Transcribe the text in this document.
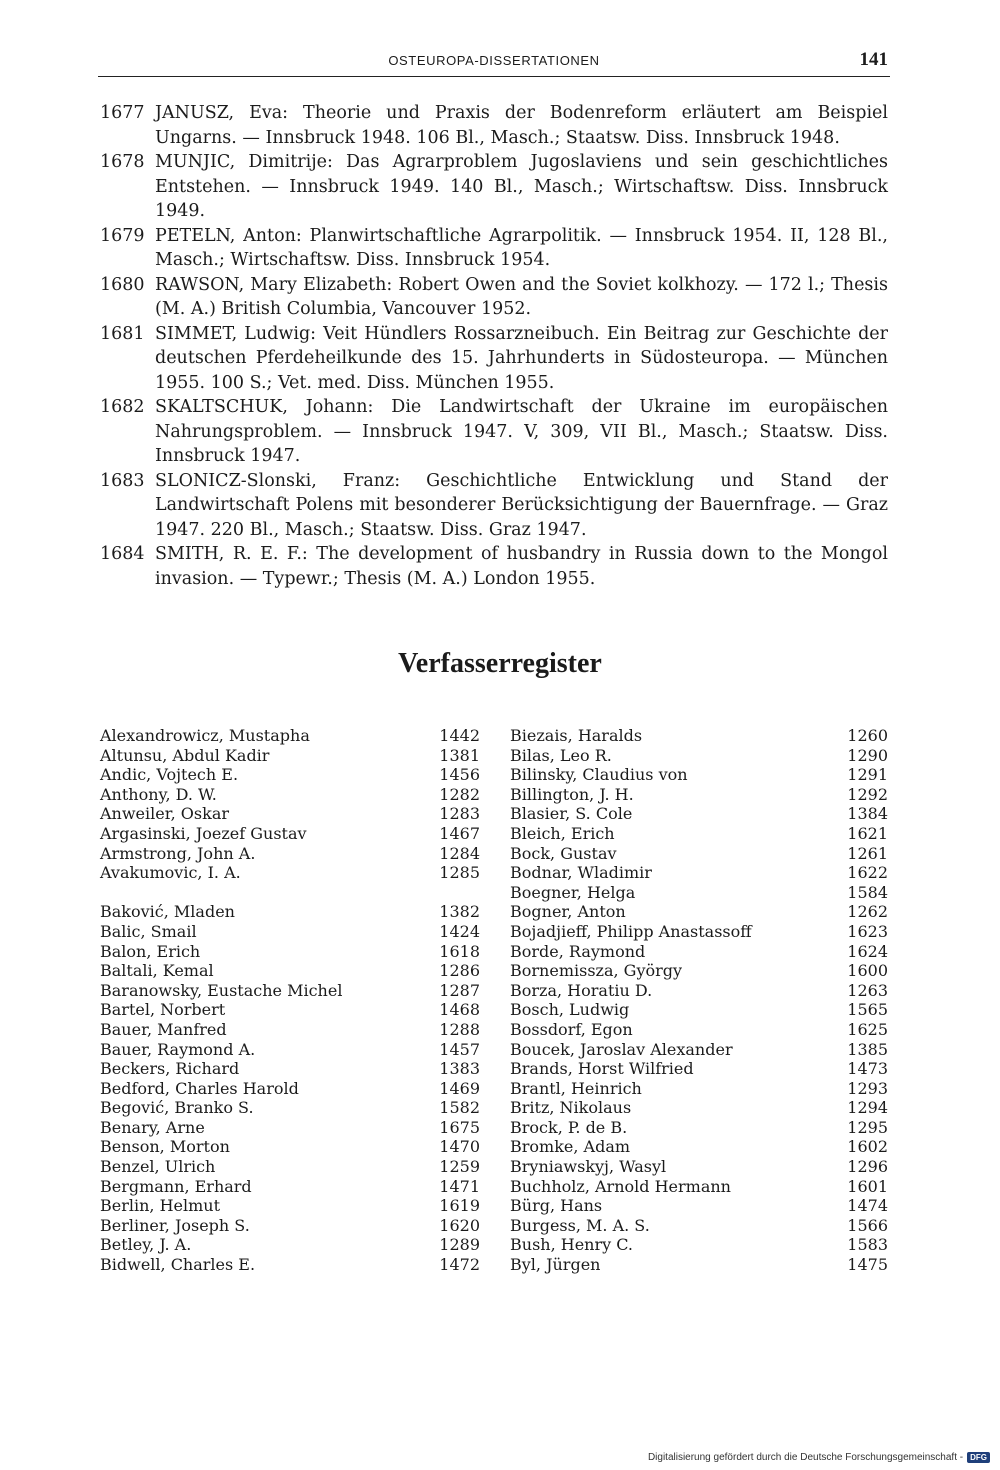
OSTEUROPA-DISSERTATIONEN	141
1677 JANUSZ, Eva: Theorie und Praxis der Bodenreform erläutert am Beispiel Ungarns. — Innsbruck 1948. 106 Bl., Masch.; Staatsw. Diss. Innsbruck 1948.
1678 MUNJIC, Dimitrije: Das Agrarproblem Jugoslaviens und sein geschichtliches Entstehen. — Innsbruck 1949. 140 Bl., Masch.; Wirtschaftsw. Diss. Innsbruck 1949.
1679 PETELN, Anton: Planwirtschaftliche Agrarpolitik. — Innsbruck 1954. II, 128 Bl., Masch.; Wirtschaftsw. Diss. Innsbruck 1954.
1680 RAWSON, Mary Elizabeth: Robert Owen and the Soviet kolkhozy. — 172 l.; Thesis (M. A.) British Columbia, Vancouver 1952.
1681 SIMMET, Ludwig: Veit Hündlers Rossarzneibuch. Ein Beitrag zur Geschichte der deutschen Pferdeheilkunde des 15. Jahrhunderts in Südosteuropa. — München 1955. 100 S.; Vet. med. Diss. München 1955.
1682 SKALTSCHUK, Johann: Die Landwirtschaft der Ukraine im europäischen Nahrungsproblem. — Innsbruck 1947. V, 309, VII Bl., Masch.; Staatsw. Diss. Innsbruck 1947.
1683 SLONICZ-Slonski, Franz: Geschichtliche Entwicklung und Stand der Landwirtschaft Polens mit besonderer Berücksichtigung der Bauernfrage. — Graz 1947. 220 Bl., Masch.; Staatsw. Diss. Graz 1947.
1684 SMITH, R. E. F.: The development of husbandry in Russia down to the Mongol invasion. — Typewr.; Thesis (M. A.) London 1955.
Verfasserregister
Alexandrowicz, Mustapha	1442
Altunsu, Abdul Kadir	1381
Andic, Vojtech E.	1456
Anthony, D. W.	1282
Anweiler, Oskar	1283
Argasinski, Joezef Gustav	1467
Armstrong, John A.	1284
Avakumovic, I. A.	1285
Baković, Mladen	1382
Balic, Smail	1424
Balon, Erich	1618
Baltali, Kemal	1286
Baranowsky, Eustache Michel	1287
Bartel, Norbert	1468
Bauer, Manfred	1288
Bauer, Raymond A.	1457
Beckers, Richard	1383
Bedford, Charles Harold	1469
Begović, Branko S.	1582
Benary, Arne	1675
Benson, Morton	1470
Benzel, Ulrich	1259
Bergmann, Erhard	1471
Berlin, Helmut	1619
Berliner, Joseph S.	1620
Betley, J. A.	1289
Bidwell, Charles E.	1472
Biezais, Haralds	1260
Bilas, Leo R.	1290
Bilinsky, Claudius von	1291
Billington, J. H.	1292
Blasier, S. Cole	1384
Bleich, Erich	1621
Bock, Gustav	1261
Bodnar, Wladimir	1622
Boegner, Helga	1584
Bogner, Anton	1262
Bojadjieff, Philipp Anastassoff	1623
Borde, Raymond	1624
Bornemissza, György	1600
Borza, Horatiu D.	1263
Bosch, Ludwig	1565
Bossdorf, Egon	1625
Boucek, Jaroslav Alexander	1385
Brands, Horst Wilfried	1473
Brantl, Heinrich	1293
Britz, Nikolaus	1294
Brock, P. de B.	1295
Bromke, Adam	1602
Bryniawskyj, Wasyl	1296
Buchholz, Arnold Hermann	1601
Bürg, Hans	1474
Burgess, M. A. S.	1566
Bush, Henry C.	1583
Byl, Jürgen	1475
Digitalisierung gefördert durch die Deutsche Forschungsgemeinschaft - DFG
